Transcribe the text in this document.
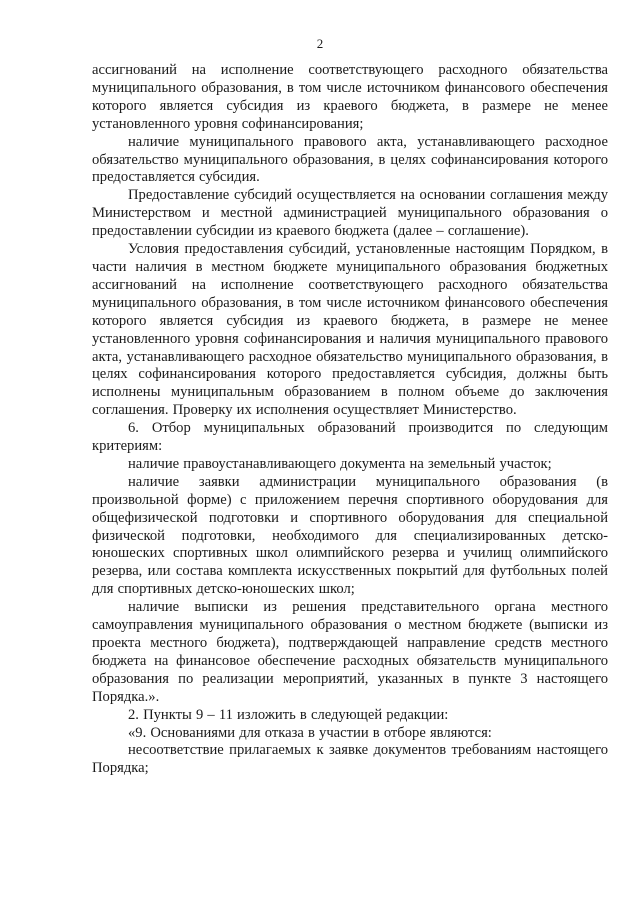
2

ассигнований на исполнение соответствующего расходного обязательства муниципального образования, в том числе источником финансового обеспечения которого является субсидия из краевого бюджета, в размере не менее установленного уровня софинансирования;

наличие муниципального правового акта, устанавливающего расходное обязательство муниципального образования, в целях софинансирования которого предоставляется субсидия.

Предоставление субсидий осуществляется на основании соглашения между Министерством и местной администрацией муниципального образования о предоставлении субсидии из краевого бюджета (далее – соглашение).

Условия предоставления субсидий, установленные настоящим Порядком, в части наличия в местном бюджете муниципального образования бюджетных ассигнований на исполнение соответствующего расходного обязательства муниципального образования, в том числе источником финансового обеспечения которого является субсидия из краевого бюджета, в размере не менее установленного уровня софинансирования и наличия муниципального правового акта, устанавливающего расходное обязательство муниципального образования, в целях софинансирования которого предоставляется субсидия, должны быть исполнены муниципальным образованием в полном объеме до заключения соглашения. Проверку их исполнения осуществляет Министерство.

6. Отбор муниципальных образований производится по следующим критериям:

наличие правоустанавливающего документа на земельный участок;

наличие заявки администрации муниципального образования (в произвольной форме) с приложением перечня спортивного оборудования для общефизической подготовки и спортивного оборудования для специальной физической подготовки, необходимого для специализированных детско-юношеских спортивных школ олимпийского резерва и училищ олимпийского резерва, или состава комплекта искусственных покрытий для футбольных полей для спортивных детско-юношеских школ;

наличие выписки из решения представительного органа местного самоуправления муниципального образования о местном бюджете (выписки из проекта местного бюджета), подтверждающей направление средств местного бюджета на финансовое обеспечение расходных обязательств муниципального образования по реализации мероприятий, указанных в пункте 3 настоящего Порядка.».

2. Пункты 9 – 11 изложить в следующей редакции:

«9. Основаниями для отказа в участии в отборе являются:

несоответствие прилагаемых к заявке документов требованиям настоящего Порядка;
